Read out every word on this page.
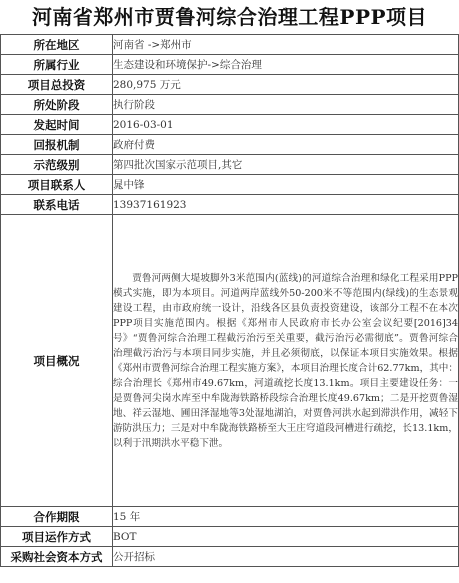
河南省郑州市贾鲁河综合治理工程PPP项目
所在地区	河南省 ->郑州市
所属行业	生态建设和环境保护->综合治理
项目总投资	280,975 万元
所处阶段	执行阶段
发起时间	2016-03-01
回报机制	政府付费
示范级别	第四批次国家示范项目,其它
项目联系人	晁中锋
联系电话	13937161923
项目概况	贾鲁河两侧大堤坡脚外3米范围内(蓝线)的河道综合治理和绿化工程采用PPP模式实施，即为本项目。河道两岸蓝线外50-200米不等范围内(绿线)的生态景观建设工程，由市政府统一设计，沿线各区县负责投资建设，该部分工程不在本次PPP项目实施范围内。根据《郑州市人民政府市长办公室会议纪要[2016]34号》“贾鲁河综合治理工程截污治污至关重要，截污治污必需彻底”。贾鲁河综合治理截污治污与本项目同步实施，并且必须彻底，以保证本项目实施效果。根据《郑州市贾鲁河综合治理工程实施方案》，本项目治理长度合计62.77km，其中：综合治理长《郑州市49.67km，河道疏挖长度13.1km。项目主要建设任务：一是贾鲁河尖岗水库至中牟陇海铁路桥段综合治理长度49.67km；二是开挖贾鲁湿地、祥云湿地、圃田泽湿地等3处湿地湖泊，对贾鲁河洪水起到滞洪作用，减轻下游防洪压力；三是对中牟陇海铁路桥至大王庄穹道段河槽进行疏挖，长13.1km，以利于汛期洪水平稳下泄。
合作期限	15 年
项目运作方式	BOT
采购社会资本方式	公开招标
